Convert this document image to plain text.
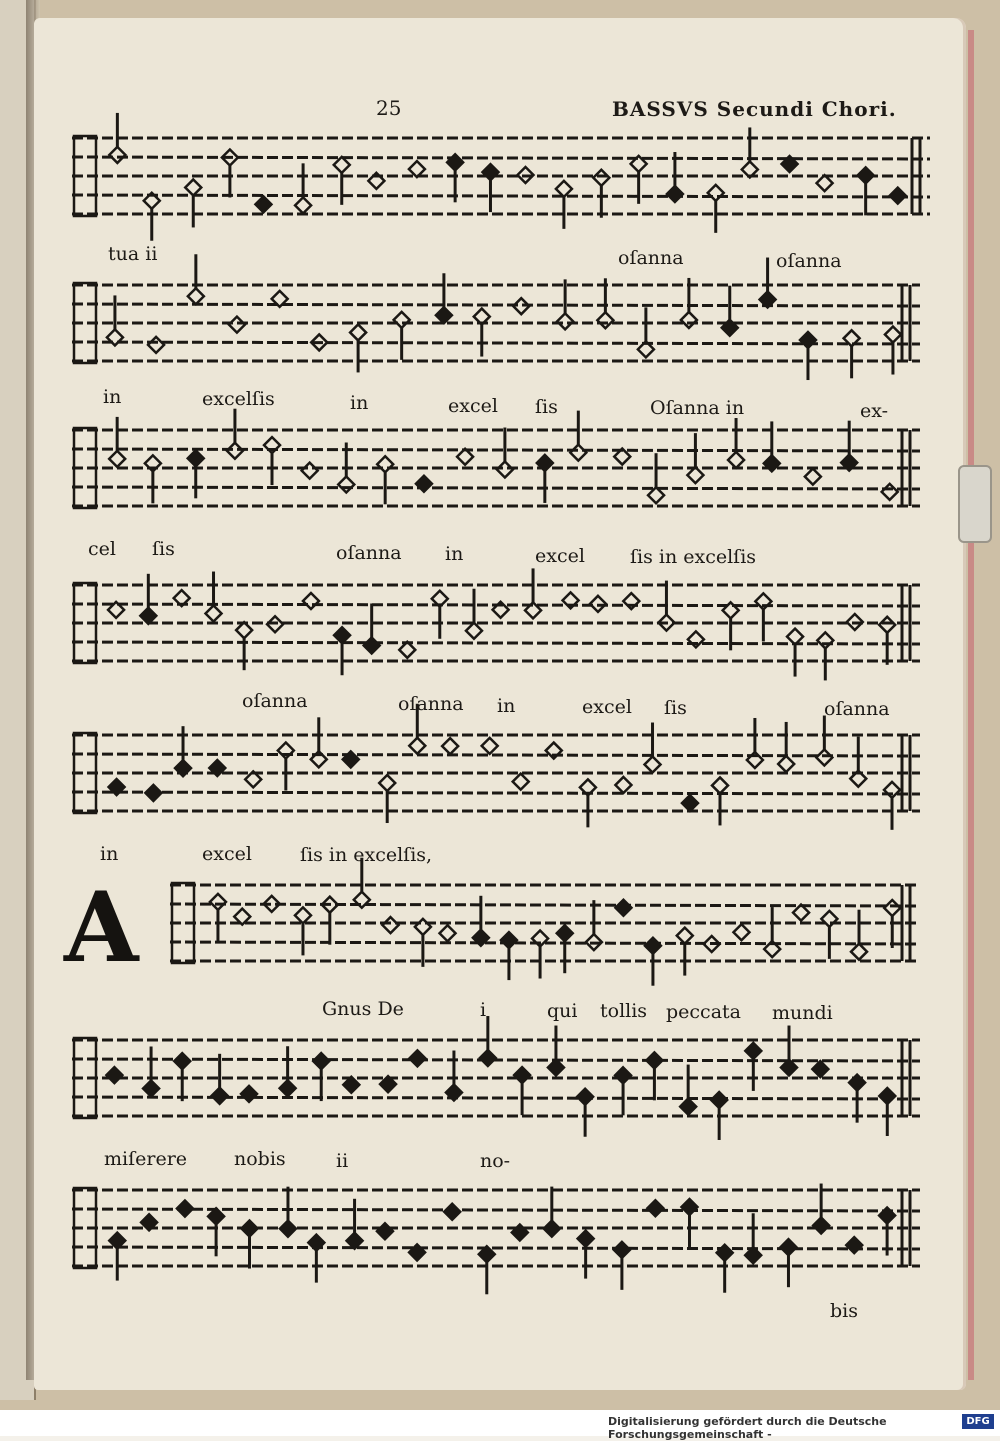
25	BASSVS Secundi Chori.
A
tua ii	oſanna	oſanna
in	excelſis	in	excel ſis	Oſanna in	ex-
cel ſis	oſanna in	excel ſis in excelſis
oſanna	oſanna in	excel ſis	oſanna
in	excel	ſis in excelſis,
Gnus De	i	qui tollis peccata mundi
miſerere nobis	ii	no-
bis
Digitalisierung gefördert durch die Deutsche Forschungsgemeinschaft -
DFG
